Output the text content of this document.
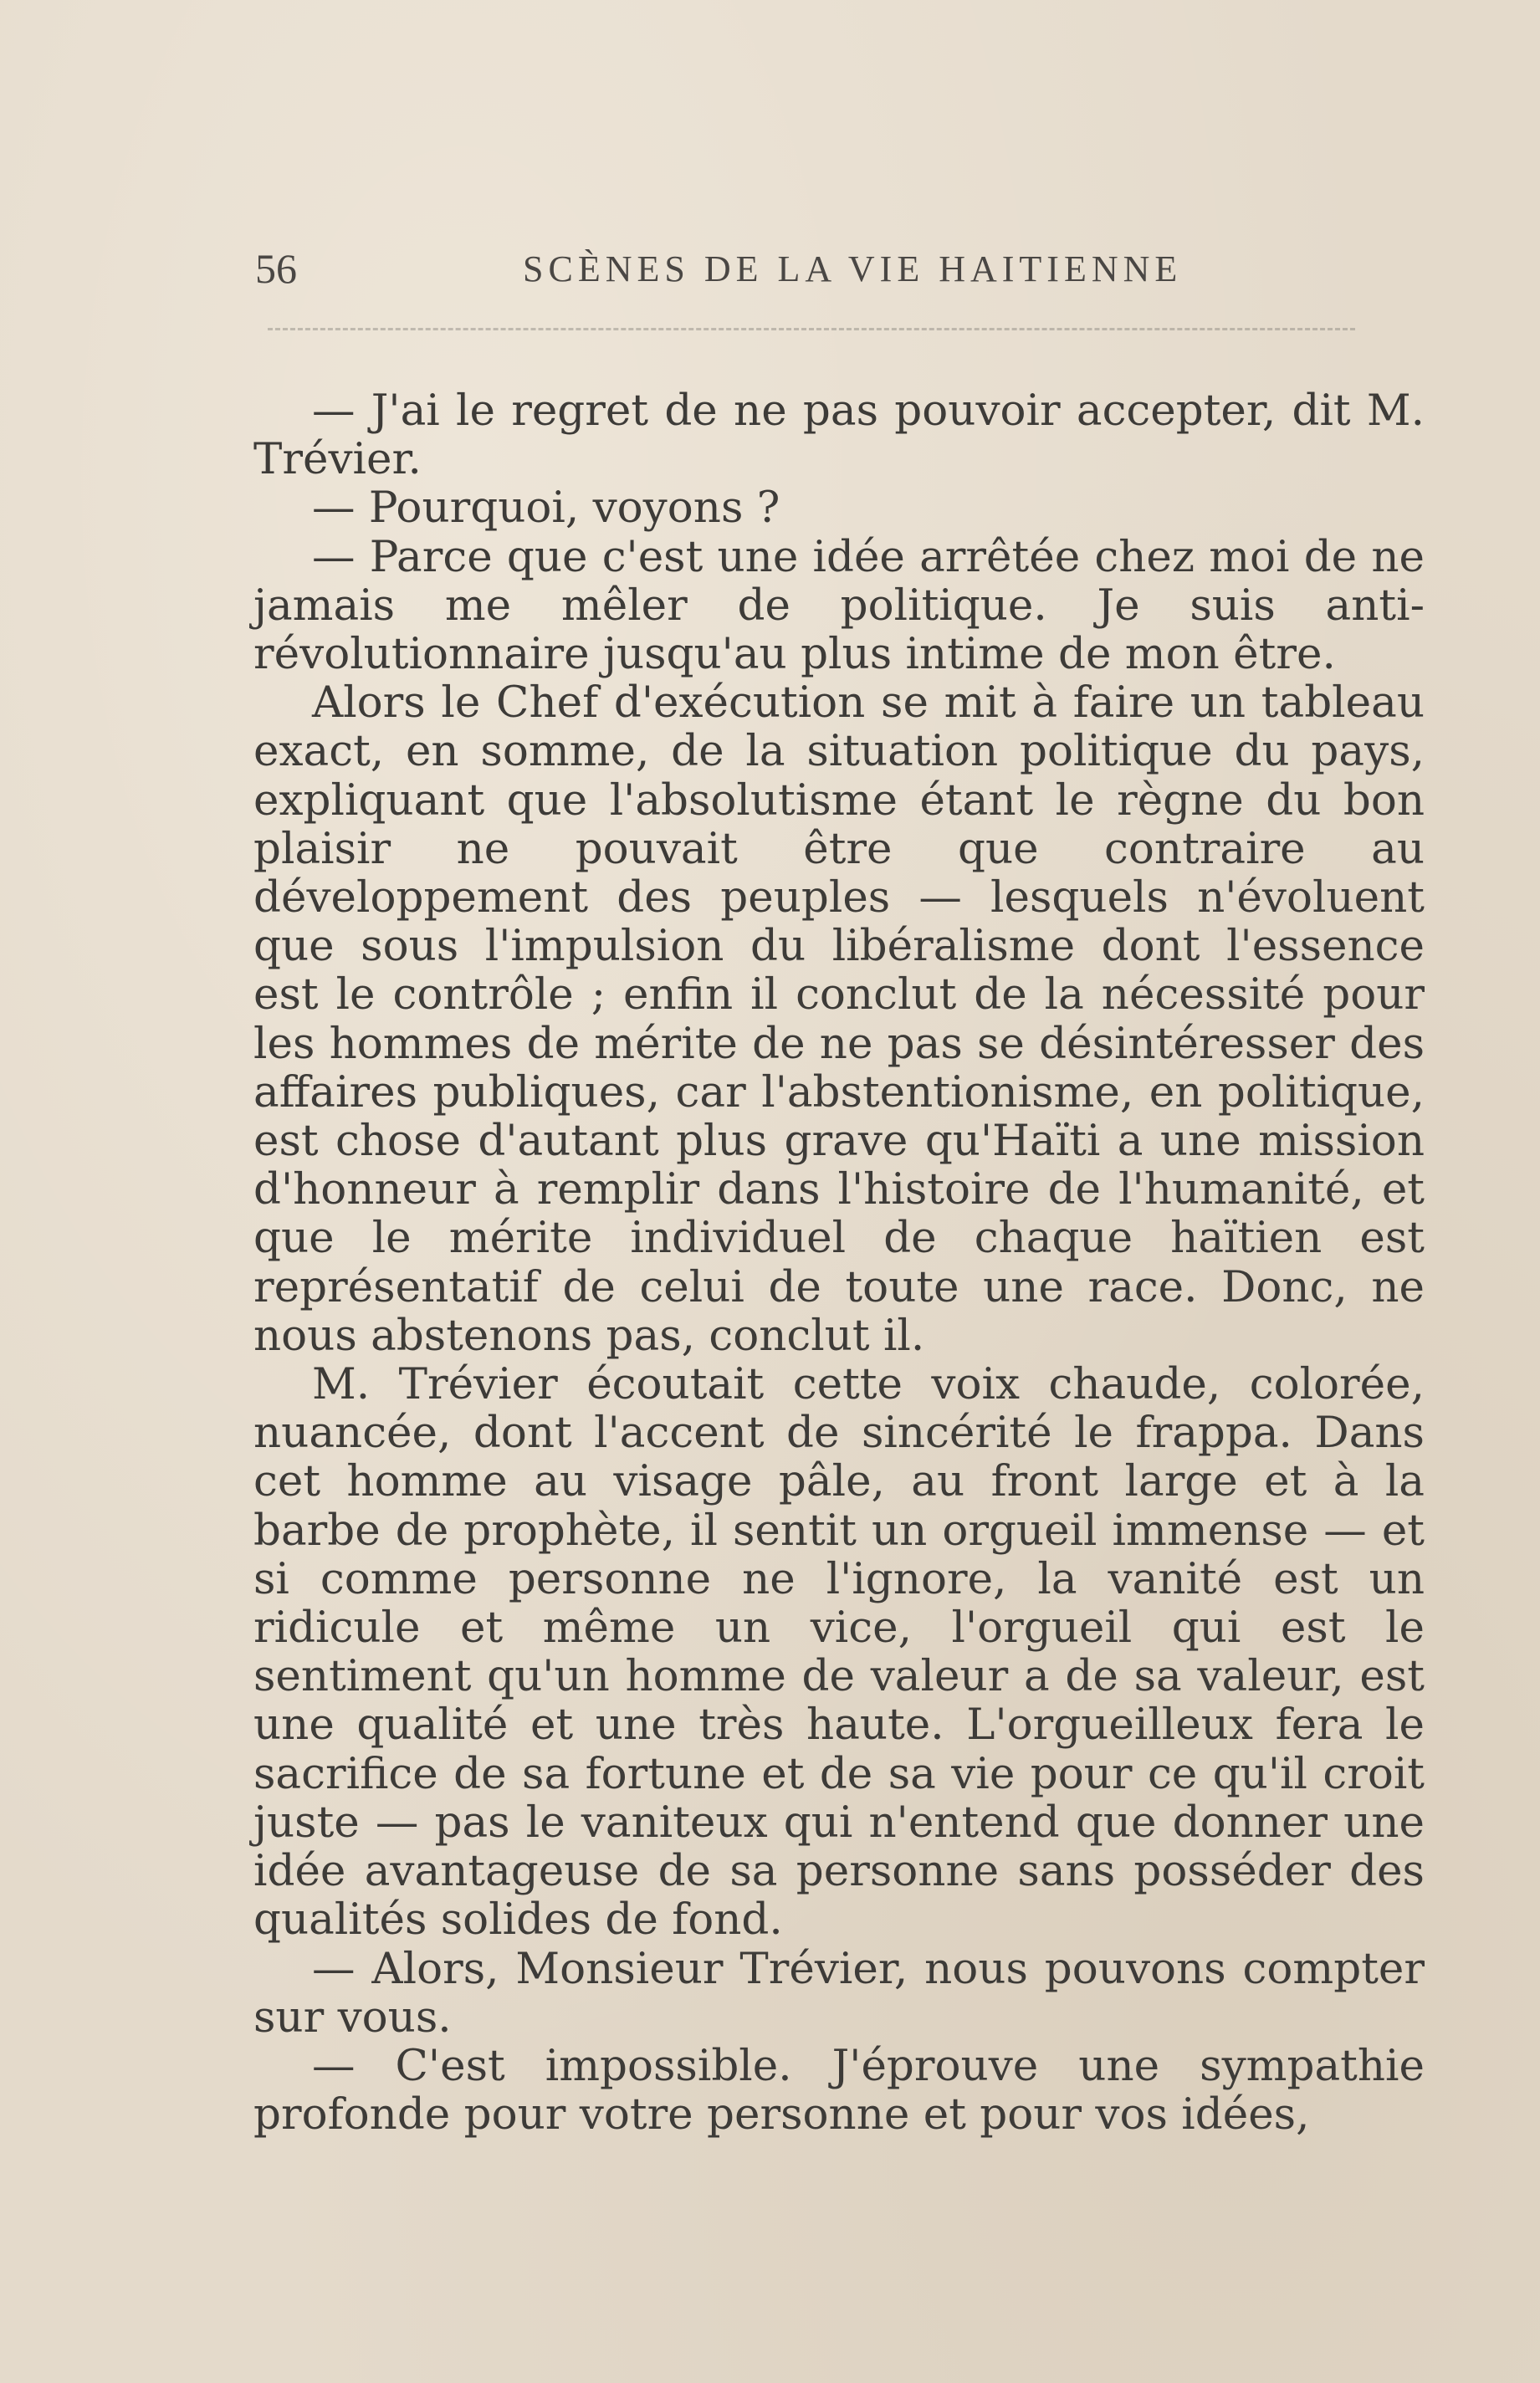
56	SCÈNES DE LA VIE HAITIENNE

— J'ai le regret de ne pas pouvoir accepter, dit M. Trévier.

— Pourquoi, voyons ?

— Parce que c'est une idée arrêtée chez moi de ne jamais me mêler de politique. Je suis anti-révolutionnaire jusqu'au plus intime de mon être.

Alors le Chef d'exécution se mit à faire un tableau exact, en somme, de la situation politique du pays, expliquant que l'absolutisme étant le règne du bon plaisir ne pouvait être que contraire au développement des peuples — lesquels n'évoluent que sous l'impulsion du libéralisme dont l'essence est le contrôle ; enfin il conclut de la nécessité pour les hommes de mérite de ne pas se désintéresser des affaires publiques, car l'abstentionisme, en politique, est chose d'autant plus grave qu'Haïti a une mission d'honneur à remplir dans l'histoire de l'humanité, et que le mérite individuel de chaque haïtien est représentatif de celui de toute une race. Donc, ne nous abstenons pas, conclut il.

M. Trévier écoutait cette voix chaude, colorée, nuancée, dont l'accent de sincérité le frappa. Dans cet homme au visage pâle, au front large et à la barbe de prophète, il sentit un orgueil immense — et si comme personne ne l'ignore, la vanité est un ridicule et même un vice, l'orgueil qui est le sentiment qu'un homme de valeur a de sa valeur, est une qualité et une très haute. L'orgueilleux fera le sacrifice de sa fortune et de sa vie pour ce qu'il croit juste — pas le vaniteux qui n'entend que donner une idée avantageuse de sa personne sans posséder des qualités solides de fond.

— Alors, Monsieur Trévier, nous pouvons compter sur vous.

— C'est impossible. J'éprouve une sympathie profonde pour votre personne et pour vos idées,
